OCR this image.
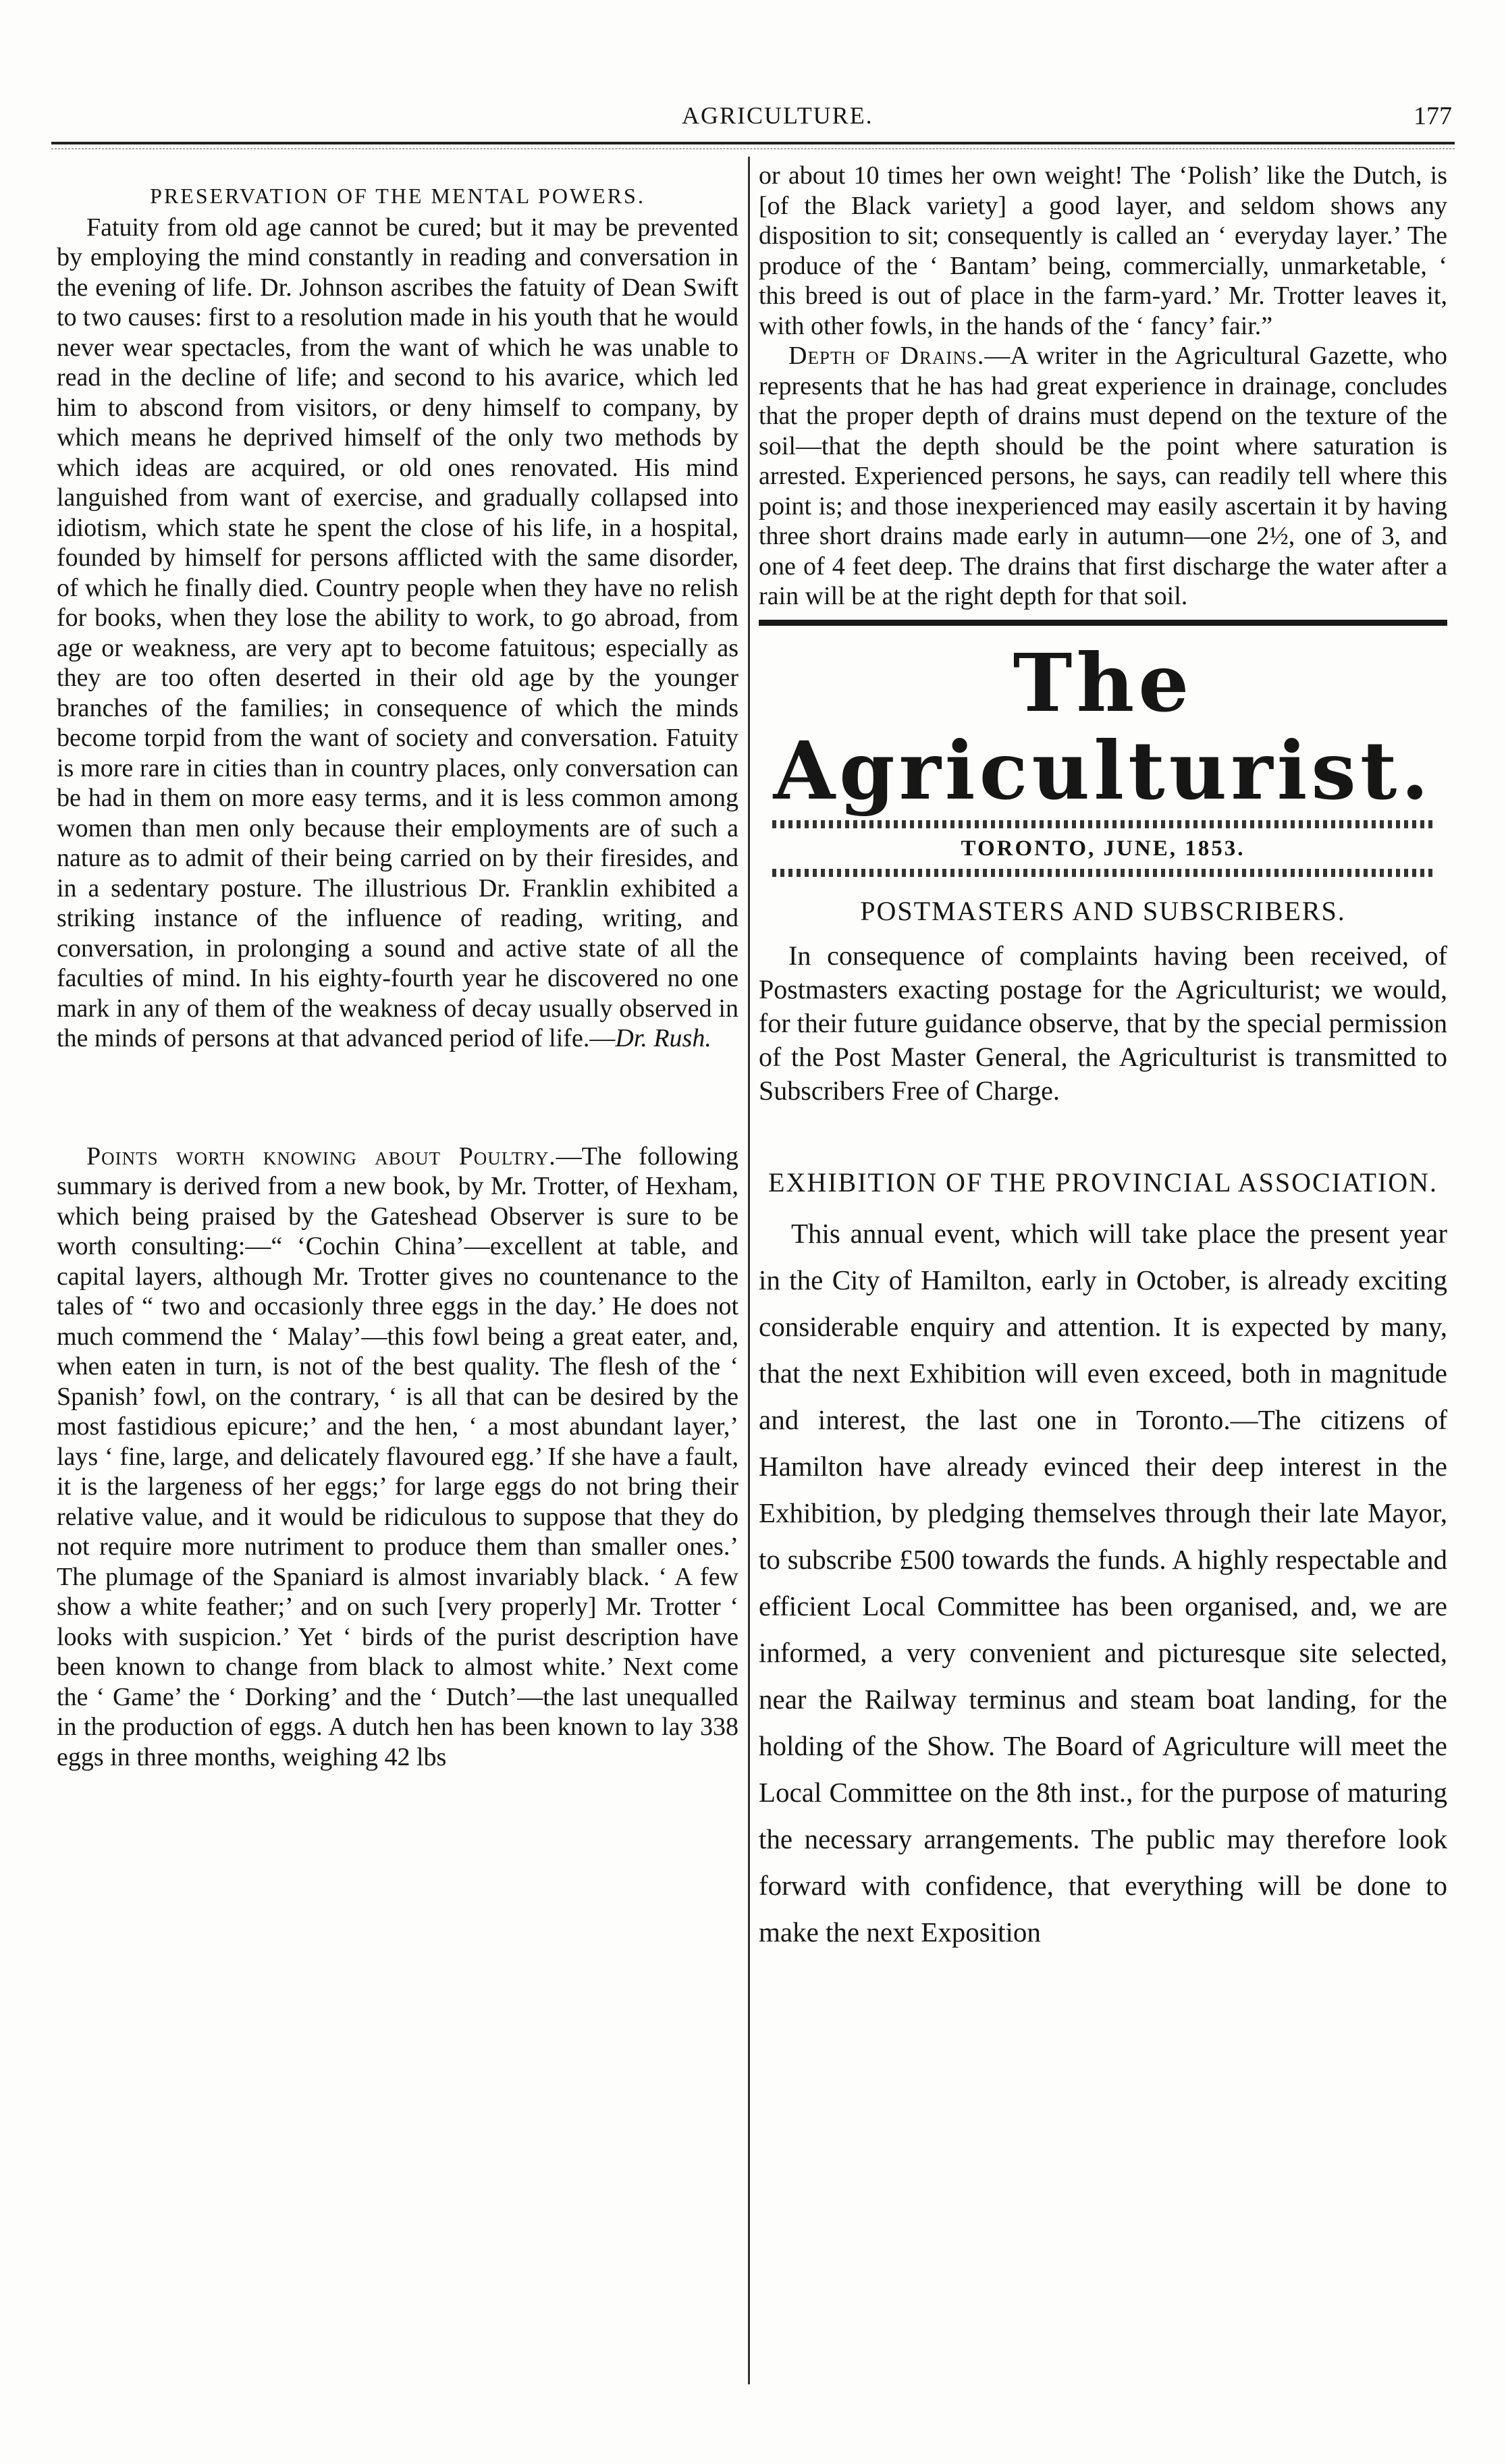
AGRICULTURE.	177
PRESERVATION OF THE MENTAL POWERS.

Fatuity from old age cannot be cured; but it may be prevented by employing the mind constantly in reading and conversation in the evening of life. Dr. Johnson ascribes the fatuity of Dean Swift to two causes: first to a resolution made in his youth that he would never wear spectacles, from the want of which he was unable to read in the decline of life; and second to his avarice, which led him to abscond from visitors, or deny himself to company, by which means he deprived himself of the only two methods by which ideas are acquired, or old ones renovated. His mind languished from want of exercise, and gradually collapsed into idiotism, which state he spent the close of his life, in a hospital, founded by himself for persons afflicted with the same disorder, of which he finally died. Country people when they have no relish for books, when they lose the ability to work, to go abroad, from age or weakness, are very apt to become fatuitous; especially as they are too often deserted in their old age by the younger branches of the families; in consequence of which the minds become torpid from the want of society and conversation. Fatuity is more rare in cities than in country places, only conversation can be had in them on more easy terms, and it is less common among women than men only because their employments are of such a nature as to admit of their being carried on by their firesides, and in a sedentary posture. The illustrious Dr. Franklin exhibited a striking instance of the influence of reading, writing, and conversation, in prolonging a sound and active state of all the faculties of mind. In his eighty-fourth year he discovered no one mark in any of them of the weakness of decay usually observed in the minds of persons at that advanced period of life.—Dr. Rush.

Points worth knowing about Poultry.—The following summary is derived from a new book, by Mr. Trotter, of Hexham, which being praised by the Gateshead Observer is sure to be worth consulting:—“ ‘Cochin China’—excellent at table, and capital layers, although Mr. Trotter gives no countenance to the tales of “ two and occasionly three eggs in the day.’ He does not much commend the ‘ Malay’—this fowl being a great eater, and, when eaten in turn, is not of the best quality. The flesh of the ‘ Spanish’ fowl, on the contrary, ‘ is all that can be desired by the most fastidious epicure;’ and the hen, ‘ a most abundant layer,’ lays ‘ fine, large, and delicately flavoured egg.’ If she have a fault, it is the largeness of her eggs;’ for large eggs do not bring their relative value, and it would be ridiculous to suppose that they do not require more nutriment to produce them than smaller ones.’ The plumage of the Spaniard is almost invariably black. ‘ A few show a white feather;’ and on such [very properly] Mr. Trotter ‘ looks with suspicion.’ Yet ‘ birds of the purist description have been known to change from black to almost white.’ Next come the ‘ Game’ the ‘ Dorking’ and the ‘ Dutch’—the last unequalled in the production of eggs. A dutch hen has been known to lay 338 eggs in three months, weighing 42 lbs

or about 10 times her own weight! The ‘Polish’ like the Dutch, is [of the Black variety] a good layer, and seldom shows any disposition to sit; consequently is called an ‘ everyday layer.’ The produce of the ‘ Bantam’ being, commercially, unmarketable, ‘ this breed is out of place in the farm-yard.’ Mr. Trotter leaves it, with other fowls, in the hands of the ‘ fancy’ fair.”

Depth of Drains.—A writer in the Agricultural Gazette, who represents that he has had great experience in drainage, concludes that the proper depth of drains must depend on the texture of the soil—that the depth should be the point where saturation is arrested. Experienced persons, he says, can readily tell where this point is; and those inexperienced may easily ascertain it by having three short drains made early in autumn—one 2½, one of 3, and one of 4 feet deep. The drains that first discharge the water after a rain will be at the right depth for that soil.

The Agriculturist.
TORONTO, JUNE, 1853.
POSTMASTERS AND SUBSCRIBERS.

In consequence of complaints having been received, of Postmasters exacting postage for the Agriculturist; we would, for their future guidance observe, that by the special permission of the Post Master General, the Agriculturist is transmitted to Subscribers Free of Charge.

EXHIBITION OF THE PROVINCIAL ASSOCIATION.

This annual event, which will take place the present year in the City of Hamilton, early in October, is already exciting considerable enquiry and attention. It is expected by many, that the next Exhibition will even exceed, both in magnitude and interest, the last one in Toronto.—The citizens of Hamilton have already evinced their deep interest in the Exhibition, by pledging themselves through their late Mayor, to subscribe £500 towards the funds. A highly respectable and efficient Local Committee has been organised, and, we are informed, a very convenient and picturesque site selected, near the Railway terminus and steam boat landing, for the holding of the Show. The Board of Agriculture will meet the Local Committee on the 8th inst., for the purpose of maturing the necessary arrangements. The public may therefore look forward with confidence, that everything will be done to make the next Exposition
